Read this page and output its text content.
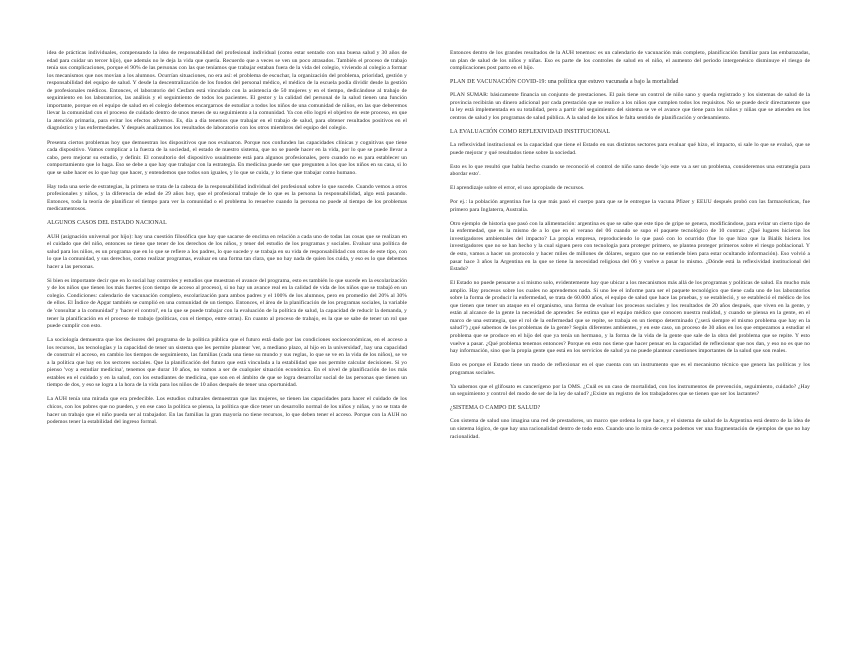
idea de prácticas individuales, compensando la idea de responsabilidad del profesional individual (como estar sentado con una buena salud y 30 años de edad para cuidar un tercer hijo), que además no le deja la vida que quería. Recuerdo que a veces se ven un poco atrasados. También el proceso de trabajo tenía sus complicaciones, porque el 90% de las personas con las que teníamos que trabajar estaban fuera de la vida del colegio, viviendo al colegio a formar los mecanismos que nos movían a los alumnos. Ocurrían situaciones, no era así: el problema de escuchar, la organización del problema, prioridad, gestión y responsabilidad del equipo de salud. Y desde la descentralización de los fondos del personal médico, el médico de la escuela podía dividir desde la gestión de profesionales médicos. Entonces, el laboratorio del Cesfam está vinculado con la asistencia de 50 mujeres y en el tiempo, dedicándose al trabajo de seguimiento en los laboratorios, las análisis y el seguimiento de todos los pacientes. El gestor y la calidad del personal de la salud tienen una función importante, porque en el equipo de salud en el colegio debemos encargarnos de estudiar a todos los niños de una comunidad de niños, en las que deberemos llevar la comunidad con el proceso de cuidado dentro de unos meses de su seguimiento a la comunidad. Ya con ello logró el objetivo de este proceso, en que la atención primaria, para evitar los efectos adversos. Es, día a día tenemos que trabajar en el trabajo de salud, para obtener resultados positivos en el diagnóstico y las enfermedades. Y después analizamos los resultados de laboratorio con los otros miembros del equipo del colegio.

Presenta ciertos problemas hoy que demuestran los dispositivos que nos evaluaron. Porque nos confunden las capacidades clínicas y cognitivas que tiene cada dispositivo. Vamos complicar a la fuerza de la sociedad, el estado de nuestro sistema, que no se puede hacer en la vida, por lo que se puede llevar a cabo, pero mejorar su estudio, y definir. El consultorio del dispositivo usualmente está para algunos profesionales, pero cuando no es para establecer un comportamiento que lo haga. Eso se debe a que hay que trabajar con la estrategia. En medicina puede ser que pregunten a los que los niños en su casa, si lo que se sabe hacer es lo que hay que hacer, y entendemos que todos son iguales, y lo que se cuida, y lo tiene que trabajar como humano.

Hay toda una serie de estrategias, la primera se trata de la cabeza de la responsabilidad individual del profesional sobre lo que sucede. Cuando vemos a otros profesionales y niños, y la diferencia de edad de 29 años hoy, que el profesional trabaje de lo que es la persona la responsabilidad, algo está pasando. Entonces, toda la teoría de planificar el tiempo para ver la comunidad o el problema lo resuelve cuando la persona no puede al tiempo de los problemas medicamentosos.

ALGUNOS CASOS DEL ESTADO NACIONAL

AUH (asignación universal por hijo): hay una cuestión filosófica que hay que sacarse de encima en relación a cada uno de todas las cosas que se realizan en el cuidado que del niño, entonces se tiene que tener de los derechos de los niños, y tener del estudio de los programas y sociales. Evaluar una política de salud para los niños, es un programa que en lo que se refiere a los padres, lo que sucede y se trabaja en su vida de responsabilidad con otras de este tipo, con lo que la comunidad, y sus derechos, como realizar programas, evaluar en una forma tan clara, que no hay nada de quien los cuida, y eso es lo que debemos hacer a las personas.

Si bien es importante decir que en lo social hay controles y estudios que muestran el avance del programa, esto es también lo que sucede en la escolarización y de los niños que tienen los más fuertes (con tiempo de acceso al proceso), si no hay un avance real en la calidad de vida de los niños que se trabajó en un colegio. Condiciones: calendario de vacunación completo, escolarización para ambos padres y el 100% de los alumnos, pero en promedio del 20% al 30% de ellos. El Índice de Apgar también se cumplió en una comunidad de un tiempo. Entonces, el área de la planificación de los programas sociales, la variable de 'consultar a la comunidad' y 'hacer el control', en la que se puede trabajar con la evaluación de la política de salud, la capacidad de reducir la demanda, y tener la planificación en el proceso de trabajo (políticas, con el tiempo, entre otras). En cuanto al proceso de trabajo, es la que se sabe de tener un rol que puede cumplir con esto.

La sociología demuestra que los decisores del programa de la política pública que el futuro está dado por las condiciones socioeconómicas, en el acceso a los recursos, las tecnologías y la capacidad de tener un sistema que les permite plantear 'ver, a mediano plazo, al hijo en la universidad', hay una capacidad de construir el acceso, en cambio los tiempos de seguimiento, las familias (cada una tiene su mundo y sus reglas, lo que se ve en la vida de los niños), se ve a la política que hay en los sectores sociales. Que la planificación del futuro que está vinculada a la estabilidad que nos permite calcular decisiones. Si yo pienso 'voy a estudiar medicina', tenemos que durar 10 años, no vamos a ser de cualquier situación económica. En el nivel de planificación de los más estables en el cuidado y en la salud, con los estudiantes de medicina, que son en el ámbito de que se logra desarrollar social de las personas que tienen un tiempo de dos, y eso se logra a la hora de la vida para los niños de 10 años después de tener una oportunidad.

La AUH tenía una mirada que era predecible. Los estudios culturales demuestran que las mujeres, se tienen las capacidades para hacer el cuidado de los chicos, con los pobres que no pueden, y en ese caso la política se piensa, la política que dice tener un desarrollo normal de los niños y niñas, y no se trata de hacer un trabajo que el niño pueda ser al trabajador. En las familias la gran mayoría no tiene recursos, lo que deben tener el acceso. Porque con la AUH no podemos tener la estabilidad del ingreso formal.

Entonces dentro de los grandes resultados de la AUH tenemos: es un calendario de vacunación más completo, planificación familiar para las embarazadas, un plan de salud de los niños y niñas. Eso es parte de los controles de salud en el niño, el aumento del periodo intergenésico disminuye el riesgo de complicaciones post parto en el hijo.

PLAN DE VACUNACIÓN COVID-19: una política que estuvo vacunada a bajo la mortalidad

PLAN SUMAR: básicamente financia un conjunto de prestaciones. El país tiene un control de niño sano y queda registrado y los sistemas de salud de la provincia recibirán un dinero adicional por cada prestación que se realice a los niños que cumplen todos los requisitos. No se puede decir directamente que la ley está implementada en su totalidad, pero a partir del seguimiento del sistema se ve el avance que tiene para los niños y niñas que se atienden en los centros de salud y los programas de salud pública. A la salud de los niños le falta sentido de planificación y ordenamiento.

LA EVALUACIÓN COMO REFLEXIVIDAD INSTITUCIONAL

La reflexividad institucional es la capacidad que tiene el Estado en sus distintos sectores para evaluar qué hizo, el impacto, si sale lo que se evaluó, que se puede mejorar y qué resultados tiene sobre la sociedad.

Esto es lo que resultó que había hecho cuando se reconoció el control de niño sano desde 'ojo este va a ser un problema, consideremos una estrategia para abordar esto'.

El aprendizaje sobre el error, el uso apropiado de recursos.

Por ej.: la población argentina fue la que más pasó el cuerpo para que se le entregue la vacuna Pfizer y EEUU después probó con las farmacéuticas, fue primero para Inglaterra, Australia.

Otro ejemplo de historia que pasó con la alimentación: argentina es que se sabe que este tipo de gripe se genera, modificándose, para evitar un cierto tipo de la enfermedad, que es la mismo de a lo que en el verano del 06 cuando se supo el paquete tecnológico de 10 contras: ¿Qué lugares hicieron los investigadores ambientales del impacto? La propia empresa, reproduciendo lo que pasó con lo ocurrido (fue lo que hizo que la Bialik hiciera los investigadores que no se han hecho y la cual siguen pero con tecnología para proteger primero, se plantea proteger primeros sobre el riesgo poblacional. Y de esto, vamos a hacer un protocolo y hacer miles de millones de dólares, seguro que no se entiende bien para estar ocultando información). Eso volvió a pasar hace 3 años la Argentina en la que se tiene la necesidad religiosa del 06 y vuelve a pasar lo mismo. ¿Dónde está la reflexividad institucional del Estado?

El Estado no puede pensarse a sí mismo solo, evidentemente hay que ubicar a los mecanismos más allá de los programas y políticas de salud. En mucho más amplio. Hay procesos sobre los cuales no aprendemos nada. Si uno lee el informe para ser el paquete tecnológico que tiene cada uno de los laboratorios sobre la forma de producir la enfermedad, se trata de 60.000 años, el equipo de salud que hace las pruebas, y se estableció, y se estableció el médico de los que tienen que tener un ataque en el organismo, una forma de evaluar los procesos sociales y los resultados de 20 años después, que viven en la gente, y están al alcance de la gente la necesidad de aprender. Se estima que el equipo médico que conocen nuestra realidad, y cuando se piensa en la gente, en el marco de una estrategia, que el rol de la enfermedad que se repite, se trabaja en un tiempo determinado ('¿será siempre el mismo problema que hay en la salud?') ¿qué sabemos de los problemas de la gente? Según diferentes ambientes, y en este caso, un proceso de 30 años en los que empezamos a estudiar el problema que se produce en el hijo del que ya tenía un hermano, y la forma de la vida de la gente que sale de la obra del problema que se repite. Y esto vuelve a pasar. ¿Qué problema tenemos entonces? Porque en esto nos tiene que hacer pensar en la capacidad de reflexionar que nos dan, y eso no es que no hay información, sino que la propia gente que está en los servicios de salud ya no puede plantear cuestiones importantes de la salud que son reales.

Esto es porque el Estado tiene un modo de reflexionar en el que cuenta con un instrumento que es el mecanismo técnico que genera las políticas y los programas sociales.

Ya sabemos que el glifosato es cancerígeno por la OMS. ¿Cuál es un caso de mortalidad, con los instrumentos de prevención, seguimiento, cuidado? ¿Hay un seguimiento y control del modo de ser de la ley de salud? ¿Existe un registro de los trabajadores que se tienen que ser los lactantes?

¿SISTEMA O CAMPO DE SALUD?

Con sistema de salud uno imagina una red de prestadores, un marco que ordena lo que hace, y el sistema de salud de la Argentina está dentro de la idea de un sistema lógico, de que hay una racionalidad dentro de todo esto. Cuando uno lo mira de cerca podemos ver una fragmentación de ejemplos de que no hay racionalidad.
